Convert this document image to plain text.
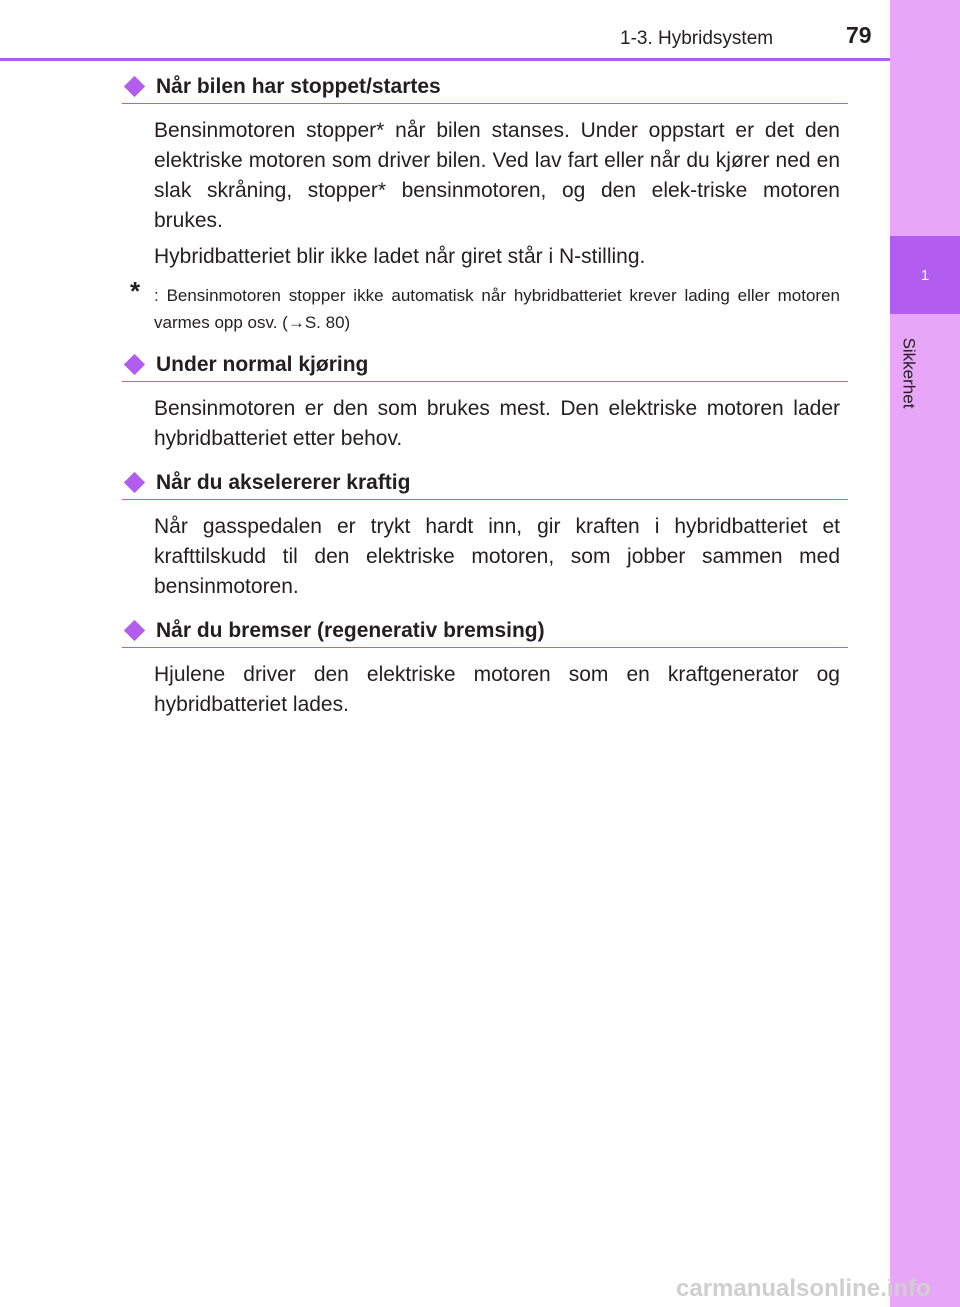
1
Sikkerhet
1-3. Hybridsystem	79
Når bilen har stoppet/startes

Bensinmotoren stopper* når bilen stanses. Under oppstart er det den elektriske motoren som driver bilen. Ved lav fart eller når du kjører ned en slak skråning, stopper* bensinmotoren, og den elek-triske motoren brukes.

Hybridbatteriet blir ikke ladet når giret står i N-stilling.

* : Bensinmotoren stopper ikke automatisk når hybridbatteriet krever lading eller motoren varmes opp osv. (→S. 80)
Under normal kjøring

Bensinmotoren er den som brukes mest. Den elektriske motoren lader hybridbatteriet etter behov.

Når du akselererer kraftig

Når gasspedalen er trykt hardt inn, gir kraften i hybridbatteriet et krafttilskudd til den elektriske motoren, som jobber sammen med bensinmotoren.

Når du bremser (regenerativ bremsing)

Hjulene driver den elektriske motoren som en kraftgenerator og hybridbatteriet lades.

carmanualsonline.info
